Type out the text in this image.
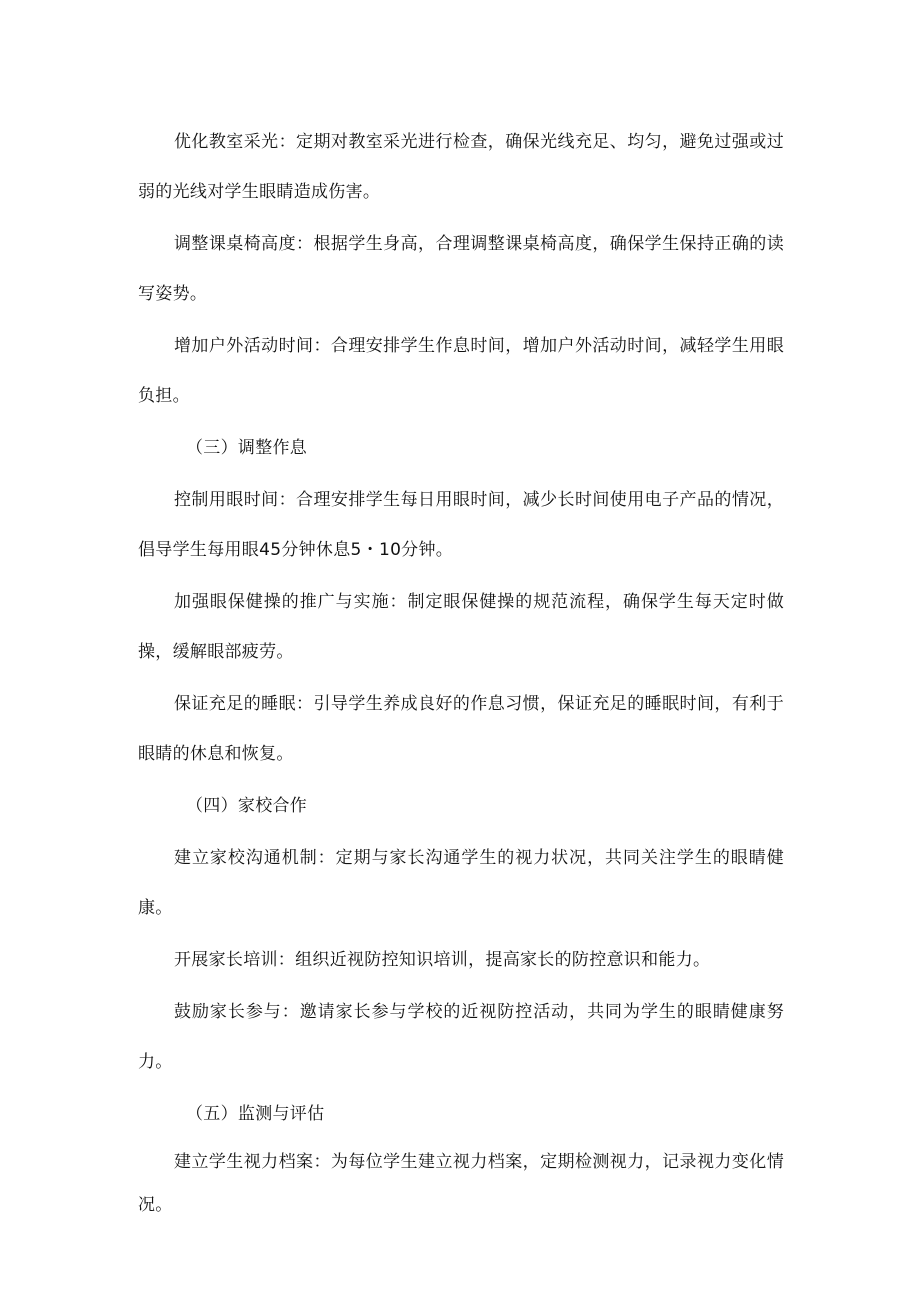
优化教室采光：定期对教室采光进行检查，确保光线充足、均匀，避免过强或过弱的光线对学生眼睛造成伤害。

调整课桌椅高度：根据学生身高，合理调整课桌椅高度，确保学生保持正确的读写姿势。

增加户外活动时间：合理安排学生作息时间，增加户外活动时间，减轻学生用眼负担。

（三）调整作息

控制用眼时间：合理安排学生每日用眼时间，减少长时间使用电子产品的情况，倡导学生每用眼45分钟休息5・10分钟。

加强眼保健操的推广与实施：制定眼保健操的规范流程，确保学生每天定时做操，缓解眼部疲劳。

保证充足的睡眠：引导学生养成良好的作息习惯，保证充足的睡眠时间，有利于眼睛的休息和恢复。

（四）家校合作

建立家校沟通机制：定期与家长沟通学生的视力状况，共同关注学生的眼睛健康。

开展家长培训：组织近视防控知识培训，提高家长的防控意识和能力。

鼓励家长参与：邀请家长参与学校的近视防控活动，共同为学生的眼睛健康努力。

（五）监测与评估

建立学生视力档案：为每位学生建立视力档案，定期检测视力，记录视力变化情况。
